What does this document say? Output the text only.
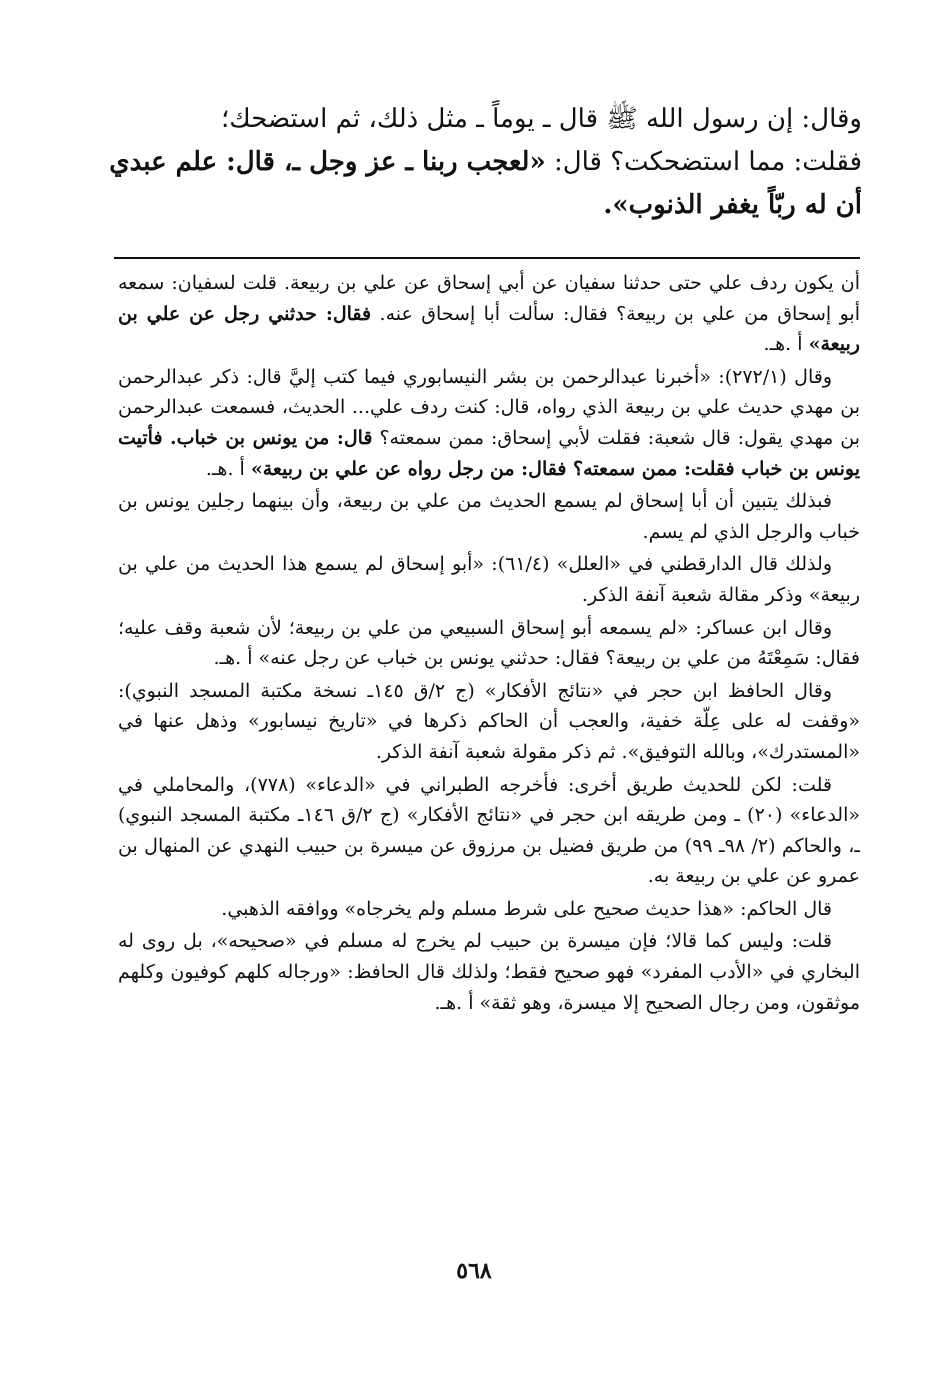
وقال: إن رسول الله ﷺ قال ـ يوماً ـ مثل ذلك، ثم استضحك؛

فقلت: مما استضحكت؟ قال: «لعجب ربنا ـ عز وجل ـ، قال: علم عبدي

أن له ربّاً يغفر الذنوب».

أن يكون ردف علي حتى حدثنا سفيان عن أبي إسحاق عن علي بن ربيعة. قلت لسفيان: سمعه أبو إسحاق من علي بن ربيعة؟ فقال: سألت أبا إسحاق عنه. فقال: حدثني رجل عن علي بن ربيعة» أ .هـ.

وقال (٢٧٢/١): «أخبرنا عبدالرحمن بن بشر النيسابوري فيما كتب إليَّ قال: ذكر عبدالرحمن بن مهدي حديث علي بن ربيعة الذي رواه، قال: كنت ردف علي... الحديث، فسمعت عبدالرحمن بن مهدي يقول: قال شعبة: فقلت لأبي إسحاق: ممن سمعته؟ قال: من يونس بن خباب. فأتيت يونس بن خباب فقلت: ممن سمعته؟ فقال: من رجل رواه عن علي بن ربيعة» أ .هـ.

فبذلك يتبين أن أبا إسحاق لم يسمع الحديث من علي بن ربيعة، وأن بينهما رجلين يونس بن خباب والرجل الذي لم يسم.

ولذلك قال الدارقطني في «العلل» (٦١/٤): «أبو إسحاق لم يسمع هذا الحديث من علي بن ربيعة» وذكر مقالة شعبة آنفة الذكر.

وقال ابن عساكر: «لم يسمعه أبو إسحاق السبيعي من علي بن ربيعة؛ لأن شعبة وقف عليه؛ فقال: سَمِعْتَهُ من علي بن ربيعة؟ فقال: حدثني يونس بن خباب عن رجل عنه» أ .هـ.

وقال الحافظ ابن حجر في «نتائج الأفكار» (ج ٢/ق ١٤٥ـ نسخة مكتبة المسجد النبوي): «وقفت له على عِلّة خفية، والعجب أن الحاكم ذكرها في «تاريخ نيسابور» وذهل عنها في «المستدرك»، وبالله التوفيق». ثم ذكر مقولة شعبة آنفة الذكر.

قلت: لكن للحديث طريق أخرى: فأخرجه الطبراني في «الدعاء» (٧٧٨)، والمحاملي في «الدعاء» (٢٠) ـ ومن طريقه ابن حجر في «نتائج الأفكار» (ج ٢/ق ١٤٦ـ مكتبة المسجد النبوي) ـ، والحاكم (٢/ ٩٨ـ ٩٩) من طريق فضيل بن مرزوق عن ميسرة بن حبيب النهدي عن المنهال بن عمرو عن علي بن ربيعة به.

قال الحاكم: «هذا حديث صحيح على شرط مسلم ولم يخرجاه» ووافقه الذهبي.

قلت: وليس كما قالا؛ فإن ميسرة بن حبيب لم يخرج له مسلم في «صحيحه»، بل روى له البخاري في «الأدب المفرد» فهو صحيح فقط؛ ولذلك قال الحافظ: «ورجاله كلهم كوفيون وكلهم موثقون، ومن رجال الصحيح إلا ميسرة، وهو ثقة» أ .هـ.

٥٦٨
